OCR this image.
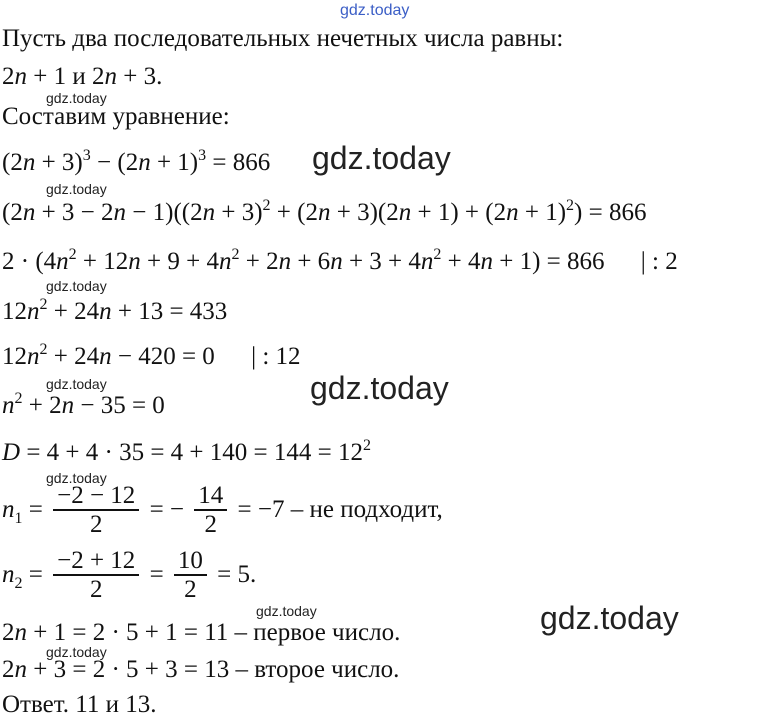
gdz.today
gdz.today
gdz.today
gdz.today
gdz.today
gdz.today
gdz.today
gdz.today
gdz.today
gdz.today
gdz.today
Пусть два последовательных нечетных числа равны:
2n + 1 и 2n + 3.
Составим уравнение:
$(2n + 3)^3 - (2n + 1)^3 = 866$
$(2n + 3 - 2n - 1)((2n + 3)^2 + (2n + 3)(2n + 1) + (2n + 1)^2) = 866$
$2 \cdot (4n^2 + 12n + 9 + 4n^2 + 2n + 6n + 3 + 4n^2 + 4n + 1) = 866$ | : 2
$12n^2 + 24n + 13 = 433$
$12n^2 + 24n - 420 = 0$ | : 12
$n^2 + 2n - 35 = 0$
$D = 4 + 4 \cdot 35 = 4 + 140 = 144 = 12^2$
$n_1 = \frac{-2 - 12}{2}$ = − $\frac{14}{2} = -7$ – не подходит,
$n_2 = \frac{-2 + 12}{2} = \frac{10}{2} = 5$.
2n + 1 = 2 · 5 + 1 = 11 – первое число.
2n + 3 = 2 · 5 + 3 = 13 – второе число.
Ответ. 11 и 13.
